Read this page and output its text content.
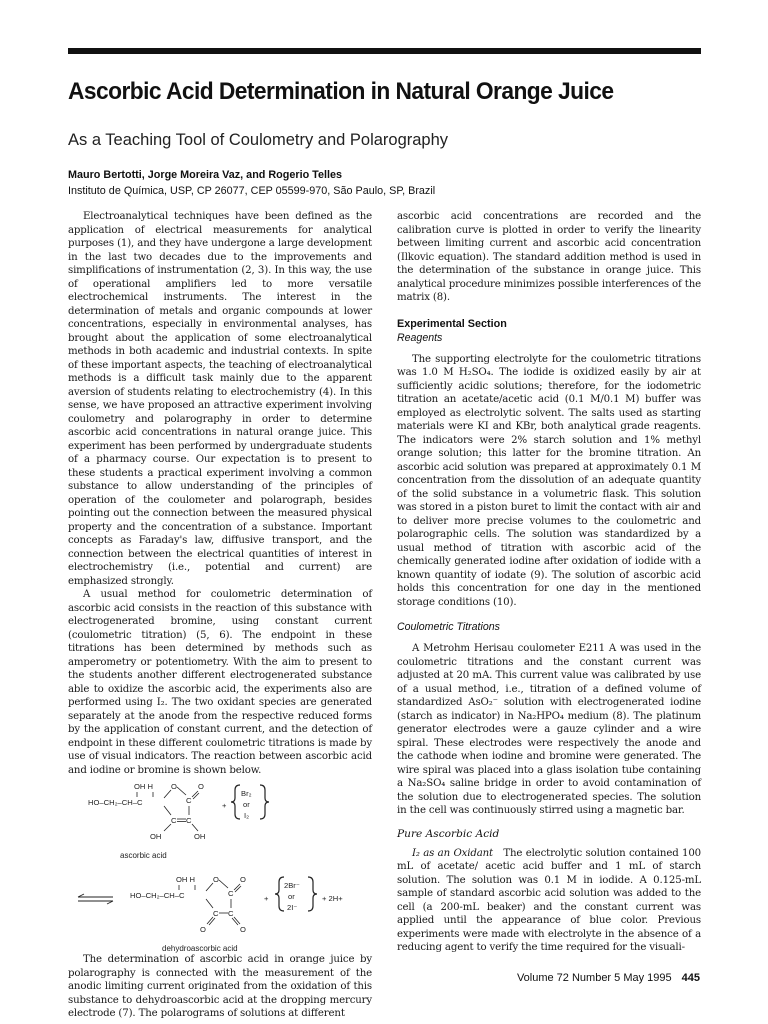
Ascorbic Acid Determination in Natural Orange Juice
As a Teaching Tool of Coulometry and Polarography
Mauro Bertotti, Jorge Moreira Vaz, and Rogerio Telles
Instituto de Química, USP, CP 26077, CEP 05599-970, São Paulo, SP, Brazil

Electroanalytical techniques have been defined as the application of electrical measurements for analytical purposes (1), and they have undergone a large development in the last two decades due to the improvements and simplifications of instrumentation (2, 3). In this way, the use of operational amplifiers led to more versatile electrochemical instruments. The interest in the determination of metals and organic compounds at lower concentrations, especially in environmental analyses, has brought about the application of some electroanalytical methods in both academic and industrial contexts. In spite of these important aspects, the teaching of electroanalytical methods is a difficult task mainly due to the apparent aversion of students relating to electrochemistry (4). In this sense, we have proposed an attractive experiment involving coulometry and polarography in order to determine ascorbic acid concentrations in natural orange juice. This experiment has been performed by undergraduate students of a pharmacy course. Our expectation is to present to these students a practical experiment involving a common substance to allow understanding of the principles of operation of the coulometer and polarograph, besides pointing out the connection between the measured physical property and the concentration of a substance. Important concepts as Faraday's law, diffusive transport, and the connection between the electrical quantities of interest in electrochemistry (i.e., potential and current) are emphasized strongly.

A usual method for coulometric determination of ascorbic acid consists in the reaction of this substance with electrogenerated bromine, using constant current (coulometric titration) (5, 6). The endpoint in these titrations has been determined by methods such as amperometry or potentiometry. With the aim to present to the students another different electrogenerated substance able to oxidize the ascorbic acid, the experiments also are performed using I₂. The two oxidant species are generated separately at the anode from the respective reduced forms by the application of constant current, and the detection of endpoint in these different coulometric titrations is made by use of visual indicators. The reaction between ascorbic acid and iodine or bromine is shown below.

OH H
HO–CH₂–CH–C
O
C
O
C C
OH	OH
+
Br₂
or
I₂
ascorbic acid
OH H
HO–CH₂–CH–C
O
C
O
C C
O	O
+
2Br⁻
or
2I⁻
+ 2H+
dehydroascorbic acid

The determination of ascorbic acid in orange juice by polarography is connected with the measurement of the anodic limiting current originated from the oxidation of this substance to dehydroascorbic acid at the dropping mercury electrode (7). The polarograms of solutions at different

ascorbic acid concentrations are recorded and the calibration curve is plotted in order to verify the linearity between limiting current and ascorbic acid concentration (Ilkovic equation). The standard addition method is used in the determination of the substance in orange juice. This analytical procedure minimizes possible interferences of the matrix (8).

Experimental Section
Reagents

The supporting electrolyte for the coulometric titrations was 1.0 M H₂SO₄. The iodide is oxidized easily by air at sufficiently acidic solutions; therefore, for the iodometric titration an acetate/acetic acid (0.1 M/0.1 M) buffer was employed as electrolytic solvent. The salts used as starting materials were KI and KBr, both analytical grade reagents. The indicators were 2% starch solution and 1% methyl orange solution; this latter for the bromine titration. An ascorbic acid solution was prepared at approximately 0.1 M concentration from the dissolution of an adequate quantity of the solid substance in a volumetric flask. This solution was stored in a piston buret to limit the contact with air and to deliver more precise volumes to the coulometric and polarographic cells. The solution was standardized by a usual method of titration with ascorbic acid of the chemically generated iodine after oxidation of iodide with a known quantity of iodate (9). The solution of ascorbic acid holds this concentration for one day in the mentioned storage conditions (10).

Coulometric Titrations

A Metrohm Herisau coulometer E211 A was used in the coulometric titrations and the constant current was adjusted at 20 mA. This current value was calibrated by use of a usual method, i.e., titration of a defined volume of standardized AsO₂⁻ solution with electrogenerated iodine (starch as indicator) in Na₂HPO₄ medium (8). The platinum generator electrodes were a gauze cylinder and a wire spiral. These electrodes were respectively the anode and the cathode when iodine and bromine were generated. The wire spiral was placed into a glass isolation tube containing a Na₂SO₄ saline bridge in order to avoid contamination of the solution due to electrogenerated species. The solution in the cell was continuously stirred using a magnetic bar.

Pure Ascorbic Acid

I₂ as an Oxidant The electrolytic solution contained 100 mL of acetate/ acetic acid buffer and 1 mL of starch solution. The solution was 0.1 M in iodide. A 0.125-mL sample of standard ascorbic acid solution was added to the cell (a 200-mL beaker) and the constant current was applied until the appearance of blue color. Previous experiments were made with electrolyte in the absence of a reducing agent to verify the time required for the visuali-

Volume 72 Number 5 May 1995 445
